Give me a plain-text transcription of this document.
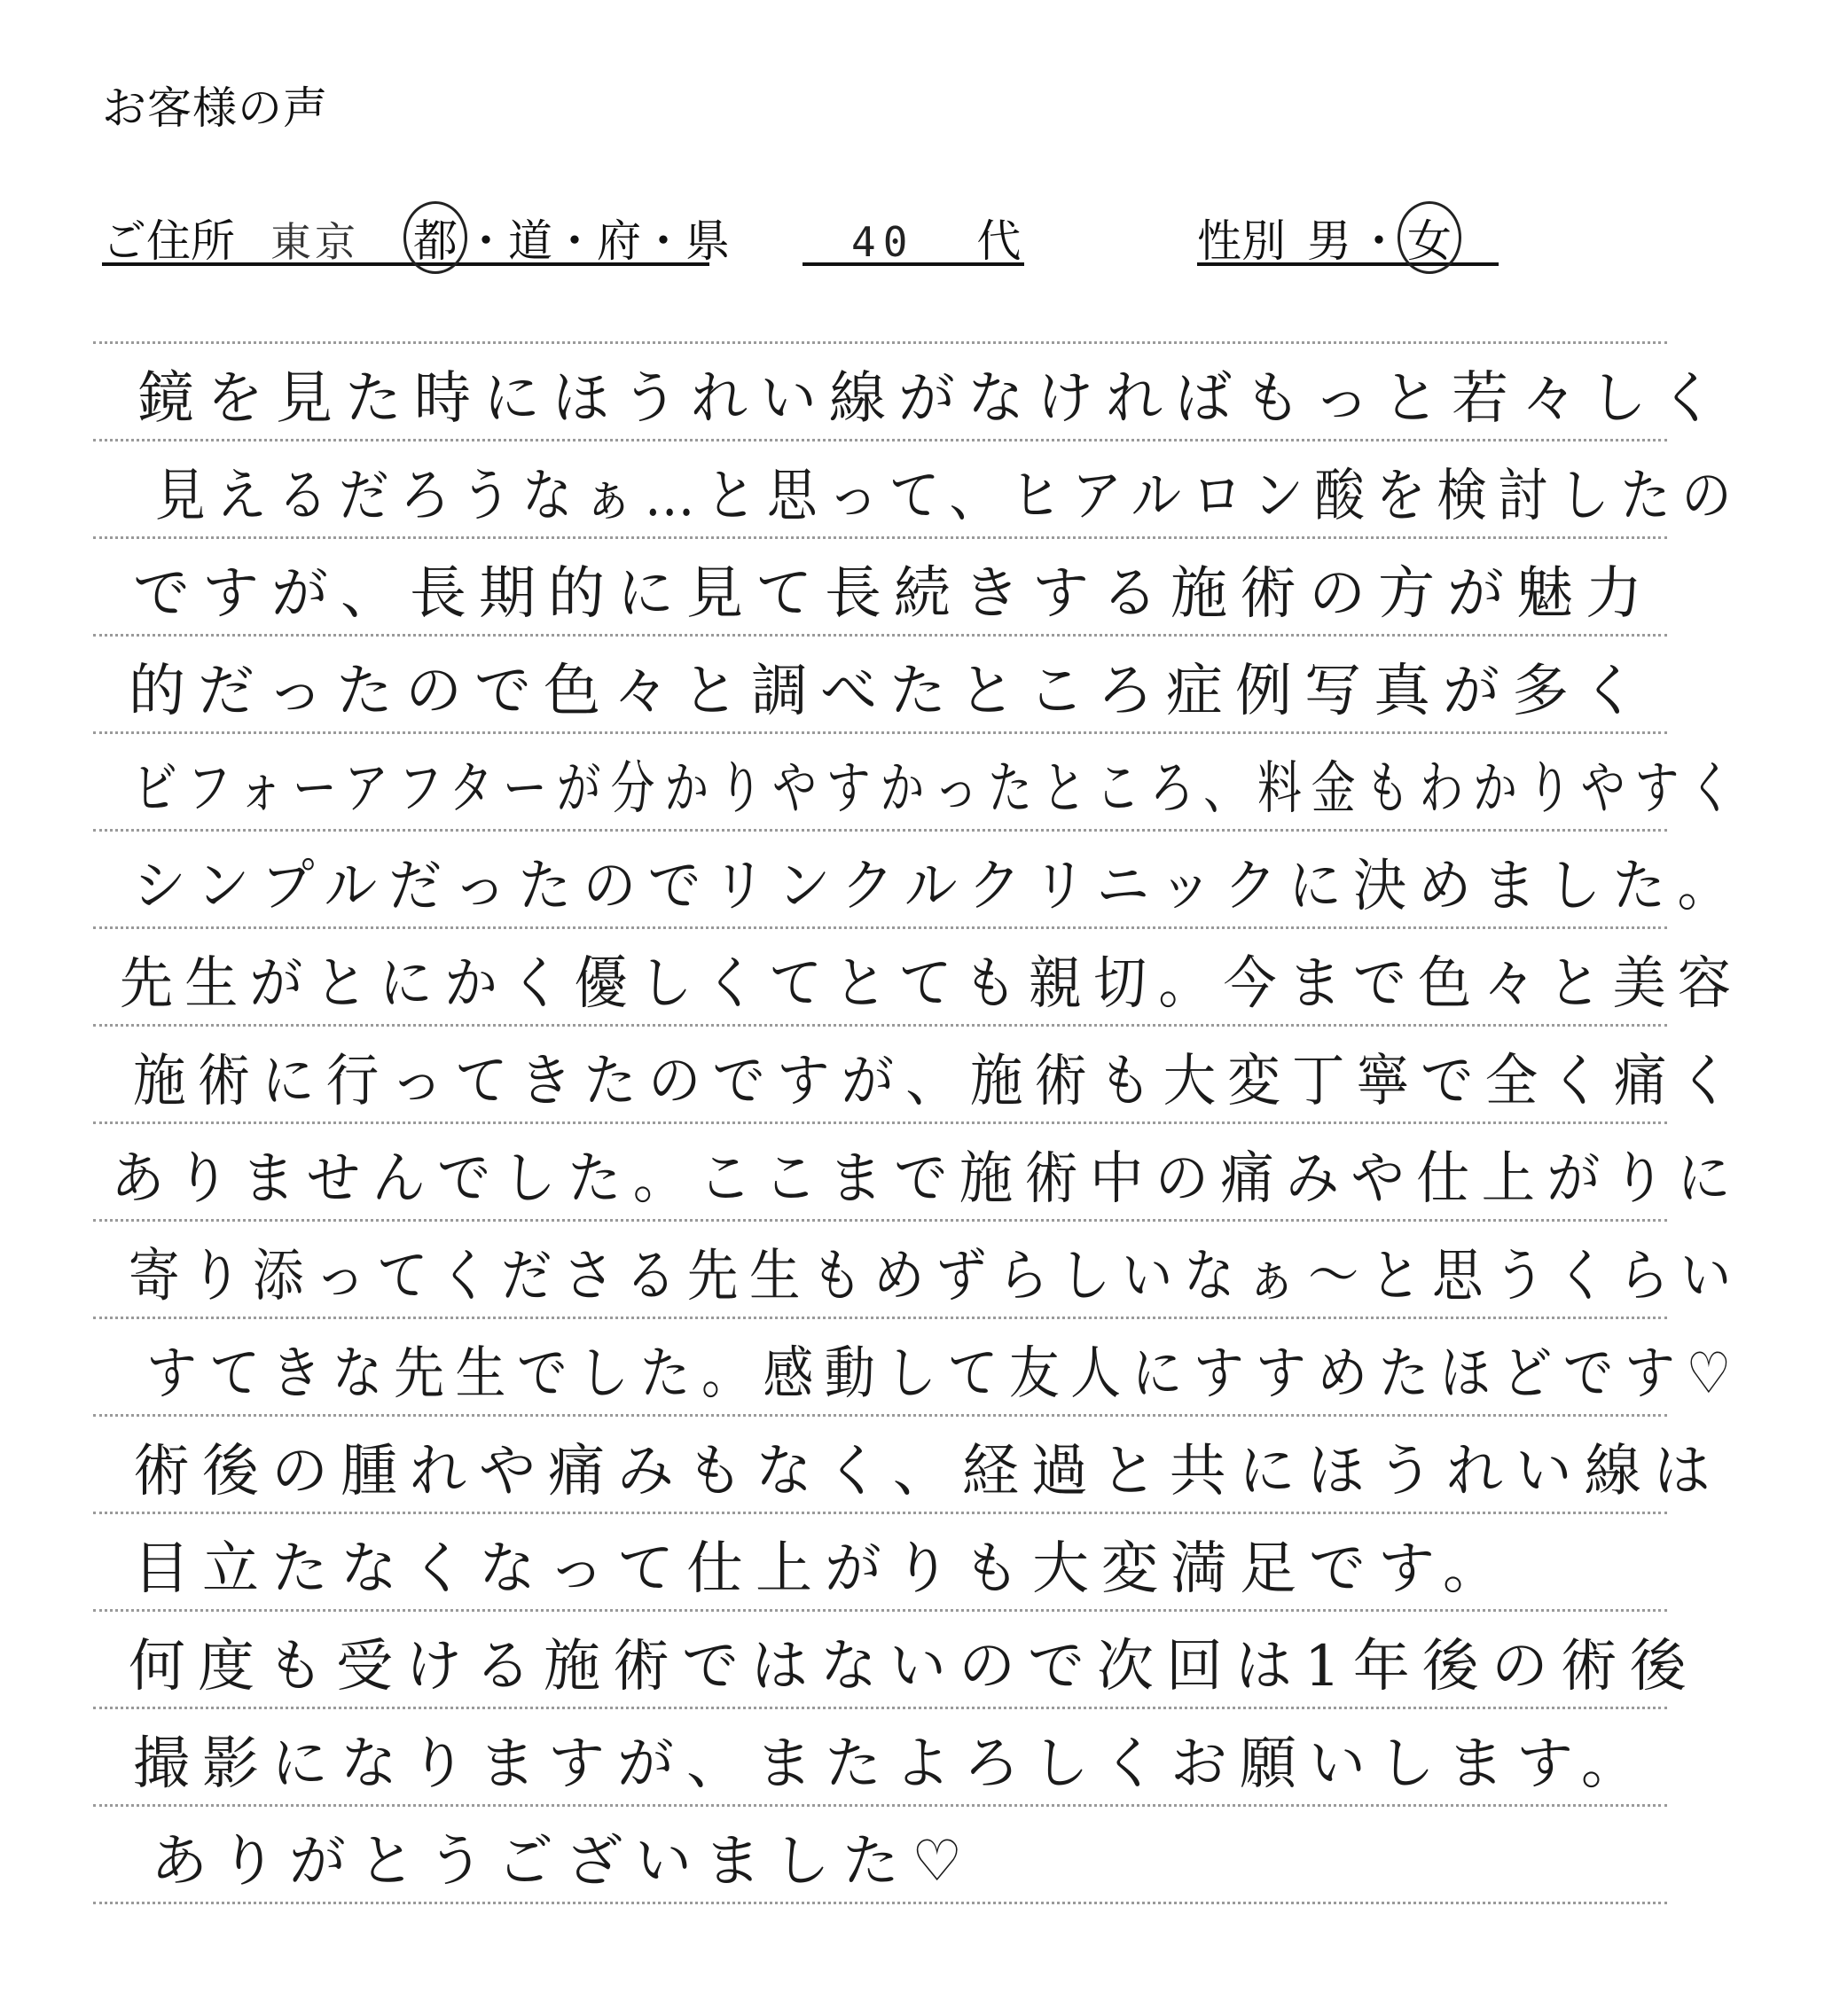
お客様の声
ご住所 東京 都 ・道・府・県	40 代	性別 男 ・ 女
鏡を見た時にほうれい線がなければもっと若々しく
見えるだろうなぁ…と思って、ヒアルロン酸を検討したの
ですが、長期的に見て長続きする施術の方が魅力
的だったので色々と調べたところ症例写真が多く
ビフォーアフターが分かりやすかったところ、料金もわかりやすく
シンプルだったのでリンクルクリニックに決めました。
先生がとにかく優しくてとても親切。今まで色々と美容
施術に行ってきたのですが、施術も大変丁寧で全く痛く
ありませんでした。ここまで施術中の痛みや仕上がりに
寄り添ってくださる先生もめずらしいなぁ～と思うくらい
すてきな先生でした。感動して友人にすすめたほどです♡
術後の腫れや痛みもなく、経過と共にほうれい線は
目立たなくなって仕上がりも大変満足です。
何度も受ける施術ではないので次回は1年後の術後
撮影になりますが、またよろしくお願いします。
ありがとうございました♡
